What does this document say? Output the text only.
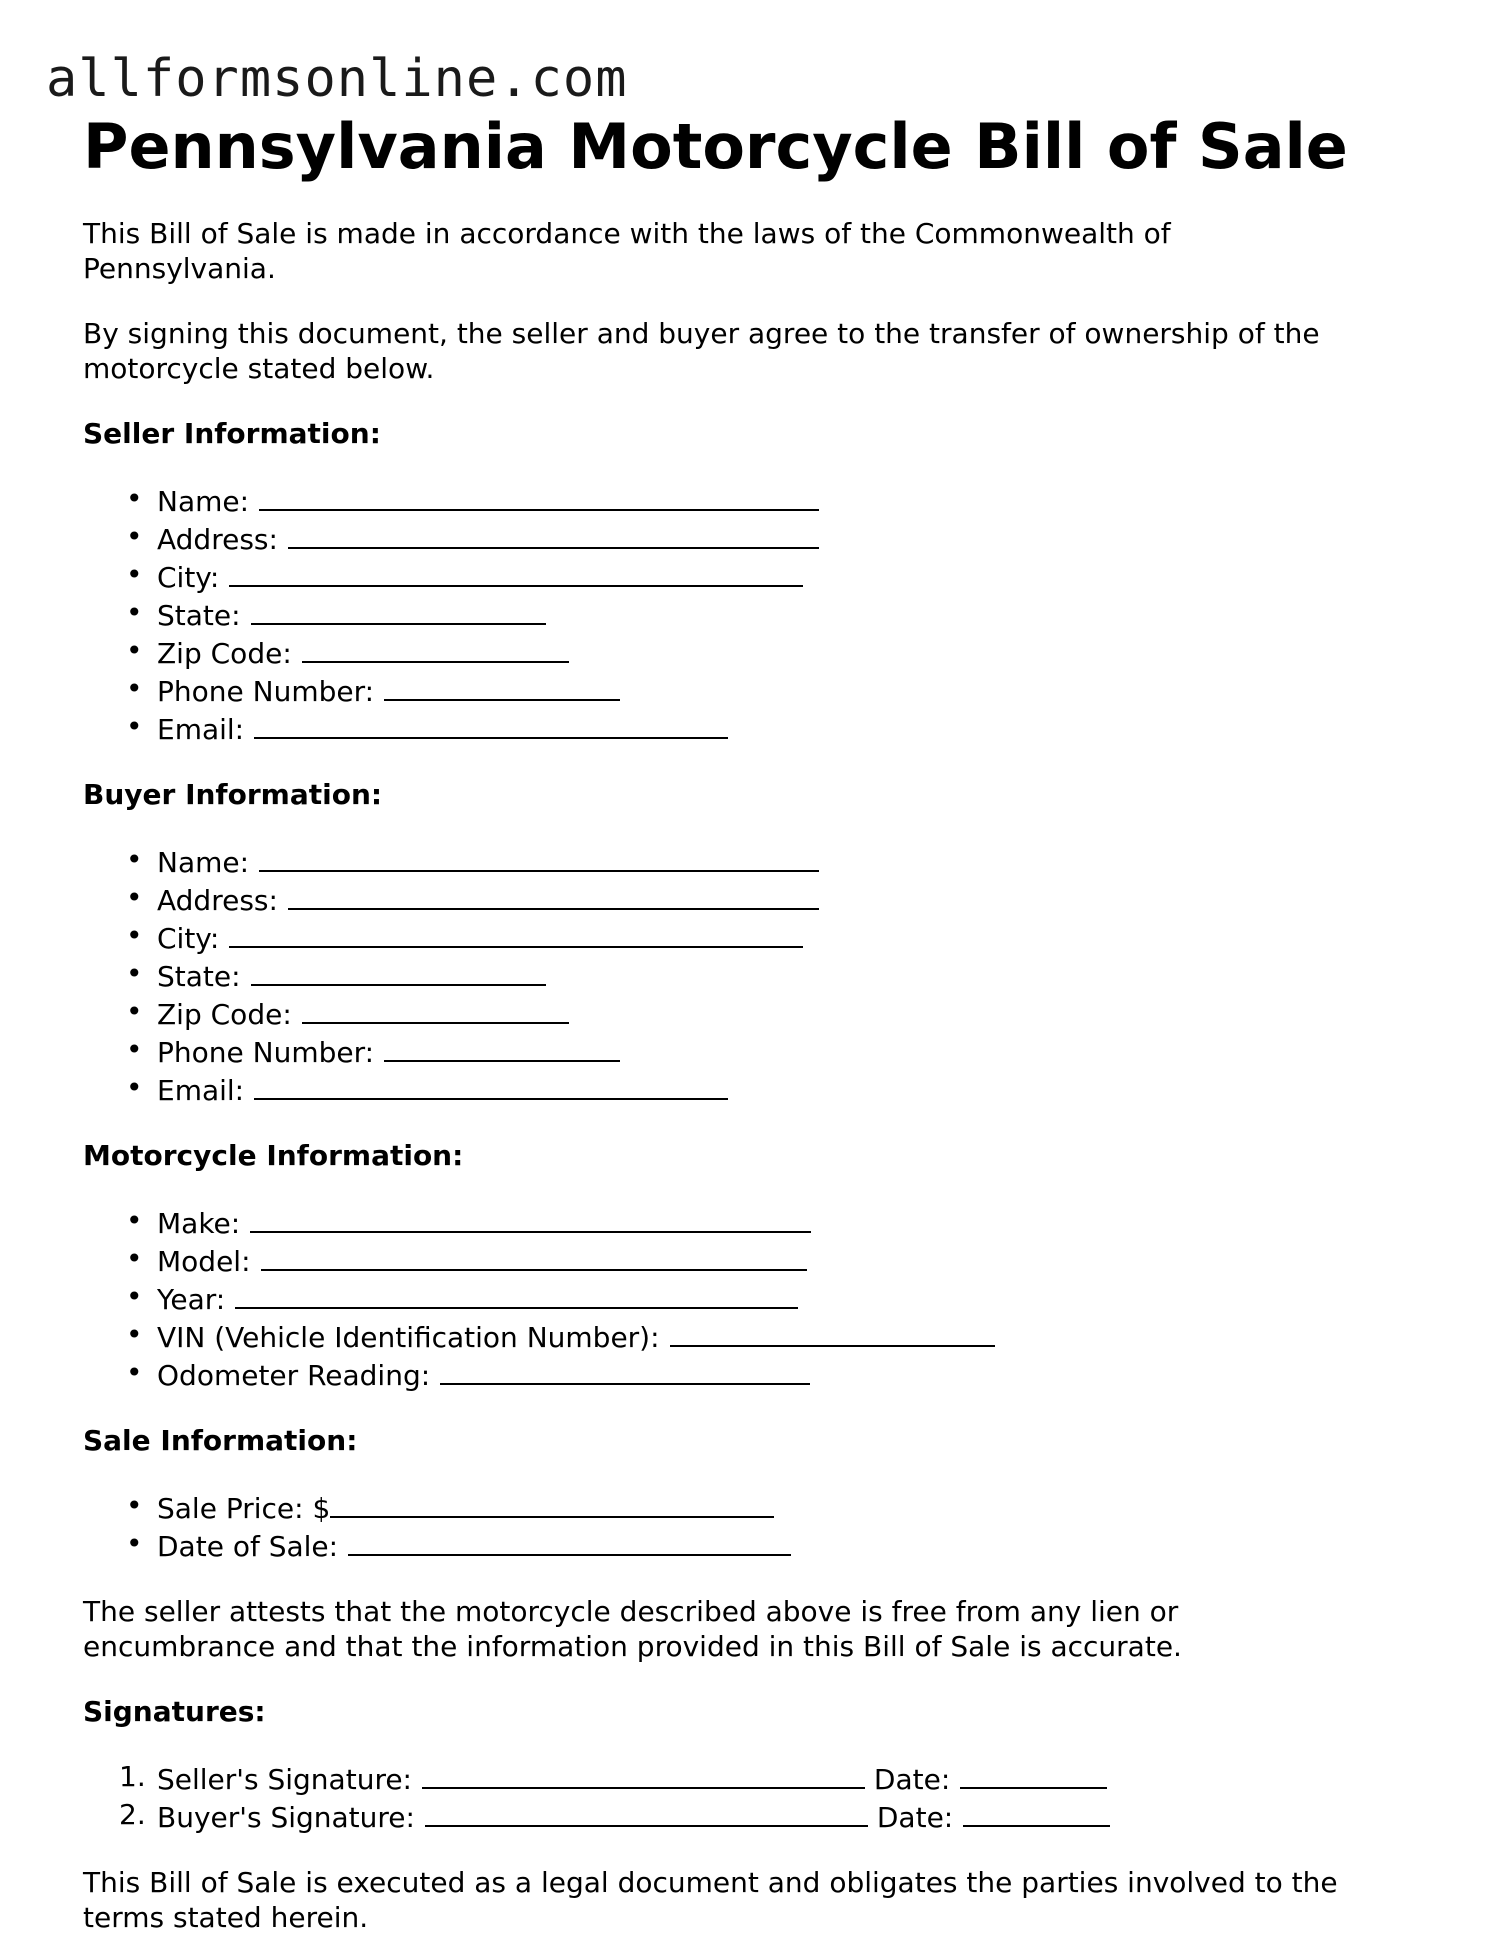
allformsonline.com
Pennsylvania Motorcycle Bill of Sale

This Bill of Sale is made in accordance with the laws of the Commonwealth of Pennsylvania.

By signing this document, the seller and buyer agree to the transfer of ownership of the motorcycle stated below.

Seller Information:
• Name:
• Address:
• City:
• State:
• Zip Code:
• Phone Number:
• Email:
Buyer Information:
• Name:
• Address:
• City:
• State:
• Zip Code:
• Phone Number:
• Email:
Motorcycle Information:
• Make:
• Model:
• Year:
• VIN (Vehicle Identification Number):
• Odometer Reading:
Sale Information:
• Sale Price: $
• Date of Sale:

The seller attests that the motorcycle described above is free from any lien or encumbrance and that the information provided in this Bill of Sale is accurate.

Signatures:
1. Seller's Signature:	Date:
2. Buyer's Signature:	Date:

This Bill of Sale is executed as a legal document and obligates the parties involved to the terms stated herein.
